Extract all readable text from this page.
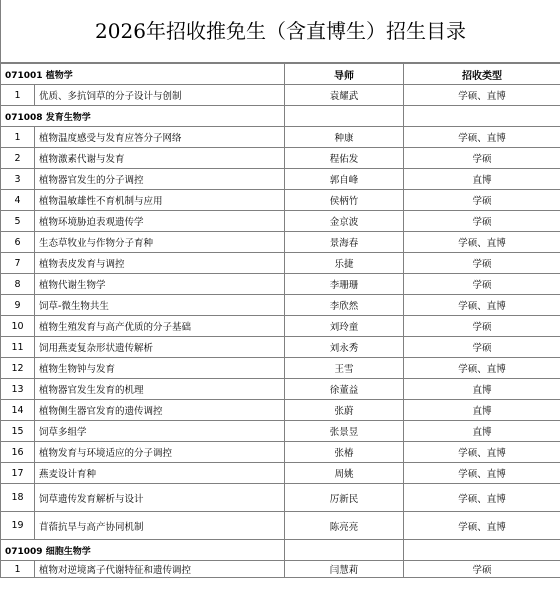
2026年招收推免生（含直博生）招生目录
071001 植物学		导师	招收类型
1	优质、多抗饲草的分子设计与创制	袁耀武	学硕、直博
071008 发育生物学			
1	植物温度感受与发育应答分子网络	种康	学硕、直博
2	植物激素代谢与发育	程佑发	学硕
3	植物器官发生的分子调控	郭自峰	直博
4	植物温敏雄性不育机制与应用	侯柄竹	学硕
5	植物环境胁迫表观遗传学	金京波	学硕
6	生态草牧业与作物分子育种	景海春	学硕、直博
7	植物表皮发育与调控	乐捷	学硕
8	植物代谢生物学	李珊珊	学硕
9	饲草-微生物共生	李欣然	学硕、直博
10	植物生殖发育与高产优质的分子基础	刘玲童	学硕
11	饲用燕麦复杂形状遗传解析	刘永秀	学硕
12	植物生物钟与发育	王雪	学硕、直博
13	植物器官发生发育的机理	徐董益	直博
14	植物侧生器官发育的遗传调控	张蔚	直博
15	饲草多组学	张景昱	直博
16	植物发育与环境适应的分子调控	张椿	学硕、直博
17	燕麦设计育种	周姚	学硕、直博
18	饲草遗传发育解析与设计	厉新民	学硕、直博
19	苜蓿抗旱与高产协同机制	陈亮亮	学硕、直博
071009 细胞生物学			
1	植物对逆境离子代谢特征和遗传调控	闫慧莉	学硕
